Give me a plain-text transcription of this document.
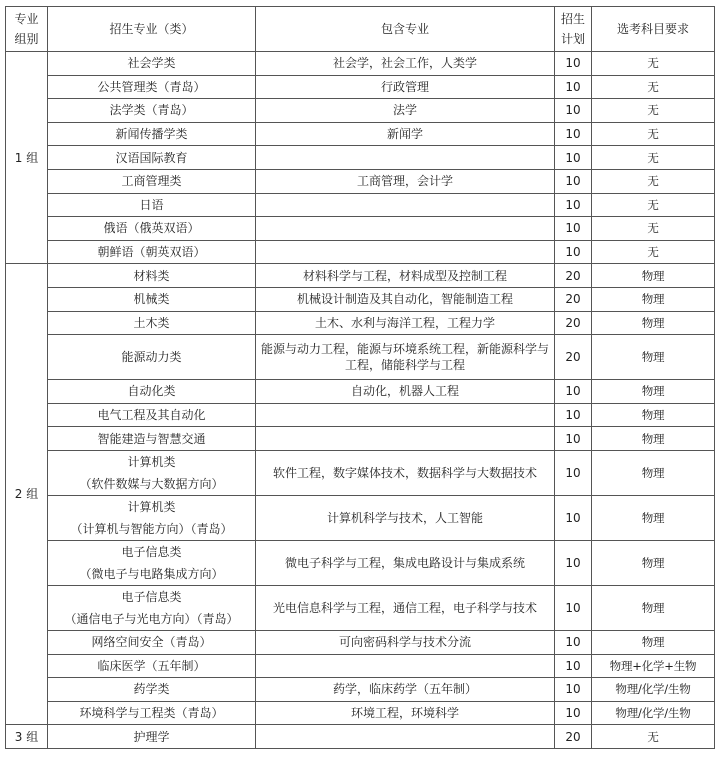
专业
组别	招生专业（类）	包含专业	招生
计划	选考科目要求
1 组	社会学类	社会学，社会工作，人类学	10	无

	公共管理类（青岛）	行政管理	10	无

	法学类（青岛）	法学	10	无

	新闻传播学类	新闻学	10	无

	汉语国际教育		10	无

	工商管理类	工商管理，会计学	10	无

	日语		10	无

	俄语（俄英双语）		10	无

	朝鲜语（朝英双语）		10	无
2 组	材料类	材料科学与工程，材料成型及控制工程	20	物理

	机械类	机械设计制造及其自动化，智能制造工程	20	物理

	土木类	土木、水利与海洋工程，工程力学	20	物理

	能源动力类	能源与动力工程，能源与环境系统工程，新能源科学与工程，储能科学与工程	20	物理

	自动化类	自动化，机器人工程	10	物理

	电气工程及其自动化		10	物理

	智能建造与智慧交通		10	物理

	计算机类
（软件数媒与大数据方向）	软件工程，数字媒体技术，数据科学与大数据技术	10	物理

	计算机类
（计算机与智能方向）（青岛）	计算机科学与技术，人工智能	10	物理

	电子信息类
（微电子与电路集成方向）	微电子科学与工程，集成电路设计与集成系统	10	物理

	电子信息类
（通信电子与光电方向）（青岛）	光电信息科学与工程，通信工程，电子科学与技术	10	物理

	网络空间安全（青岛）	可向密码科学与技术分流	10	物理

	临床医学（五年制）		10	物理+化学+生物

	药学类	药学，临床药学（五年制）	10	物理/化学/生物

	环境科学与工程类（青岛）	环境工程，环境科学	10	物理/化学/生物
3 组	护理学		20	无
